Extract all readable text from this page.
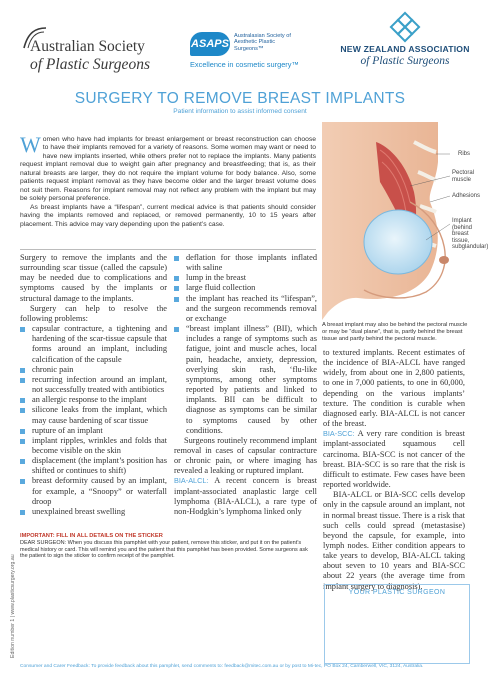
Australian Society
of Plastic Surgeons
ASAPS
Australasian Society of Aesthetic Plastic Surgeons™
Excellence in cosmetic surgery™
NEW ZEALAND ASSOCIATION
of Plastic Surgeons
SURGERY TO REMOVE BREAST IMPLANTS
Patient information to assist informed consent

Women who have had implants for breast enlargement or breast reconstruction can choose to have their implants removed for a variety of reasons. Some women may want or need to have new implants inserted, while others prefer not to replace the implants. Many patients request implant removal due to weight gain after pregnancy and breastfeeding; that is, as their natural breasts are larger, they do not require the implant volume for body balance. Also, some patients request implant removal as they have become older and the larger breast volume does not suit them. Reasons for implant removal may not reflect any problem with the implant but may be solely personal preference.

As breast implants have a “lifespan”, current medical advice is that patients should consider having the implants removed and replaced, or removed permanently, 10 to 15 years after placement. This advice may vary depending upon the patient’s case.

Ribs
Pectoral
muscle
Adhesions
Implant
(behind
breast
tissue,
subglandular)
A breast implant may also be behind the pectoral muscle or may be “dual plane”, that is, partly behind the breast tissue and partly behind the pectoral muscle.

Surgery to remove the implants and the surrounding scar tissue (called the capsule) may be needed due to complications and symptoms caused by the implants or structural damage to the implants.

Surgery can help to resolve the following problems:

capsular contracture, a tightening and hardening of the scar-tissue capsule that forms around an implant, including calcification of the capsule
chronic pain
recurring infection around an implant, not successfully treated with antibiotics
an allergic response to the implant
silicone leaks from the implant, which may cause bardening of scar tissue
rupture of an implant
implant ripples, wrinkles and folds that become visible on the skin
displacement (the implant’s position has shifted or continues to shift)
breast deformity caused by an implant, for example, a “Snoopy” or waterfall droop
unexplained breast swelling
deflation for those implants inflated with saline
lump in the breast
large fluid collection
the implant has reached its “lifespan”, and the surgeon recommends removal or exchange
“breast implant illness” (BII), which includes a range of symptoms such as fatigue, joint and muscle aches, local pain, headache, anxiety, depression, overlying skin rash, ‘flu-like symptoms, among other symptoms reported by patients and linked to implants. BII can be difficult to diagnose as symptoms can be similar to symptoms caused by other conditions.

Surgeons routinely recommend implant removal in cases of capsular contracture or chronic pain, or where imaging has revealed a leaking or ruptured implant.

BIA-ALCL: A recent concern is breast implant-associated anaplastic large cell lymphoma (BIA-ALCL), a rare type of non-Hodgkin’s lymphoma linked only

to textured implants. Recent estimates of the incidence of BIA-ALCL have ranged widely, from about one in 2,800 patients, to one in 7,000 patients, to one in 60,000, depending on the various implants’ texture. The condition is curable when diagnosed early. BIA-ALCL is not cancer of the breast.

BIA-SCC: A very rare condition is breast implant-associated squamous cell carcinoma. BIA-SCC is not cancer of the breast. BIA-SCC is so rare that the risk is difficult to estimate. Few cases have been reported worldwide.

BIA-ALCL or BIA-SCC cells develop only in the capsule around an implant, not in normal breast tissue. There is a risk that such cells could spread (metastasise) beyond the capsule, for example, into lymph nodes. Either condition appears to take years to develop, BIA-ALCL taking about seven to 10 years and BIA-SCC about 22 years (the average time from implant surgery to diagnosis).

IMPORTANT: FILL IN ALL DETAILS ON THE STICKER
DEAR SURGEON: When you discuss this pamphlet with your patient, remove this sticker, and put it on the patient’s medical history or card. This will remind you and the patient that this pamphlet has been provided. Some surgeons ask the patient to sign the sticker to confirm receipt of the pamphlet.
Edition number 1 | www.plasticsurgery.org.au	YOUR PLASTIC SURGEON
Consumer and Carer Feedback: To provide feedback about this pamphlet, send comments to: feedback@mitec.com.au or by post to Mi-tec, PO Box 24, Camberwell, VIC, 3124, Australia.
